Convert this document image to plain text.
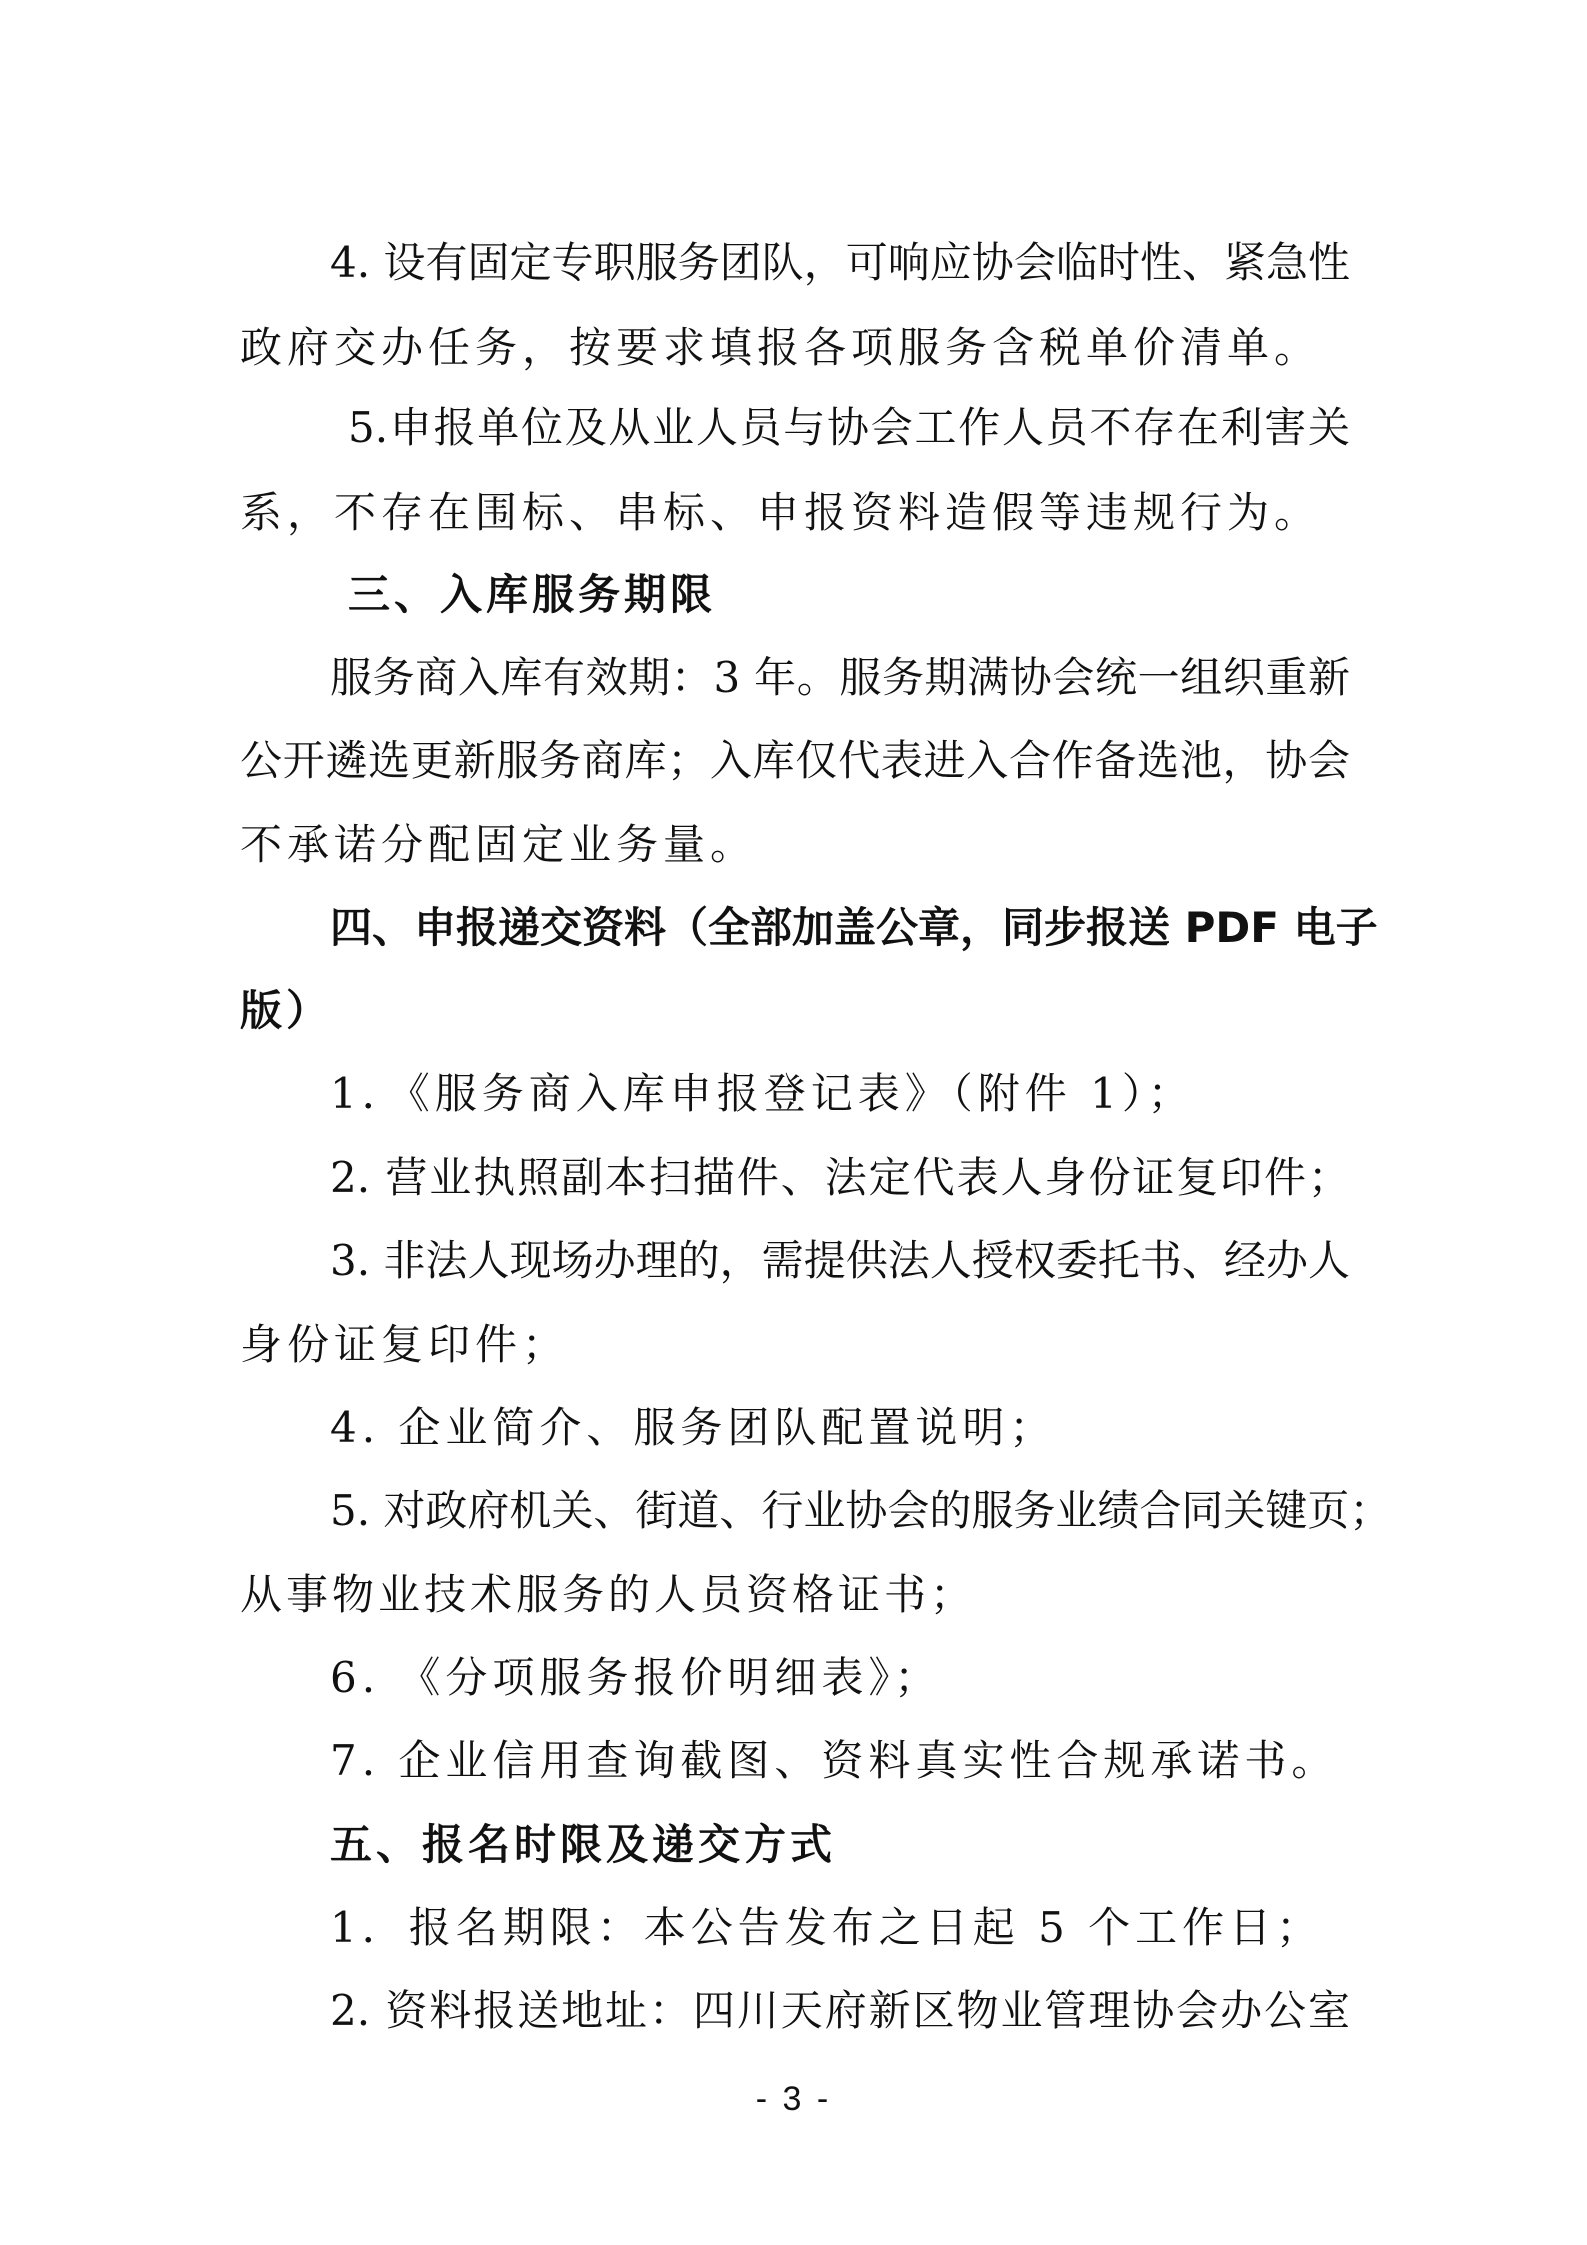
4. 设有固定专职服务团队，可响应协会临时性、紧急性
政府交办任务，按要求填报各项服务含税单价清单。
5.申报单位及从业人员与协会工作人员不存在利害关
系，不存在围标、串标、申报资料造假等违规行为。
三、入库服务期限
服务商入库有效期：3 年。服务期满协会统一组织重新
公开遴选更新服务商库；入库仅代表进入合作备选池，协会
不承诺分配固定业务量。
四、申报递交资料（全部加盖公章，同步报送 PDF 电子
版）
1．《服务商入库申报登记表》（附件 1）；
2. 营业执照副本扫描件、法定代表人身份证复印件；
3. 非法人现场办理的，需提供法人授权委托书、经办人
身份证复印件；
4. 企业简介、服务团队配置说明；
5. 对政府机关、街道、行业协会的服务业绩合同关键页；
从事物业技术服务的人员资格证书；
6. 《分项服务报价明细表》；
7. 企业信用查询截图、资料真实性合规承诺书。
五、报名时限及递交方式
1．报名期限：本公告发布之日起 5 个工作日；
2. 资料报送地址：四川天府新区物业管理协会办公室
- 3 -
